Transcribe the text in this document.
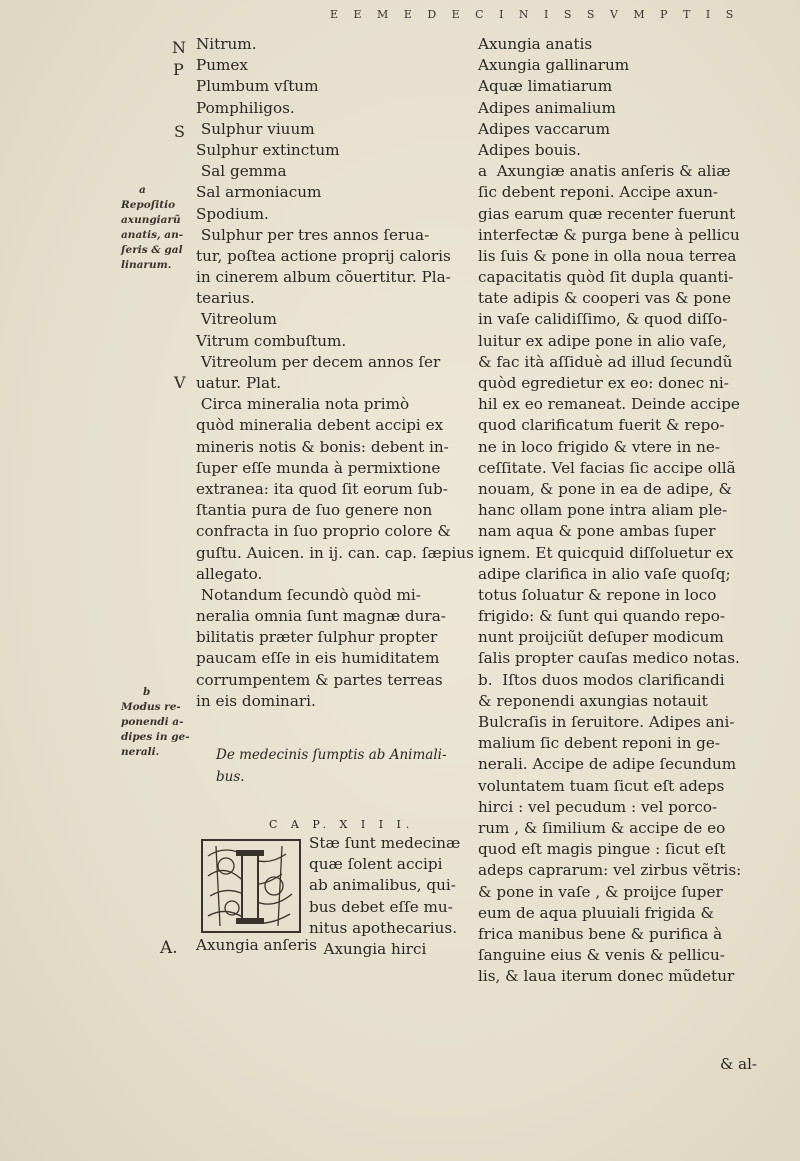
E E M E D E C I N I S S V M P T I S
N
P
S
V
a
Repoſitio axungiarũ anatis, an-ſeris & gal linarum.
b
Modus re-ponendi a-dipes in ge-nerali.
Nitrum.
Pumex
Plumbum vſtum
Pomphiligos.
Sulphur viuum
Sulphur extinctum
Sal gemma
Sal armoniacum
Spodium.
Sulphur per tres annos ſerua-
tur, poſtea actione proprij caloris
in cinerem album cõuertitur. Pla-
tearius.
Vitreolum
Vitrum combuſtum.
Vitreolum per decem annos ſer
uatur. Plat.
Circa mineralia nota primò
quòd mineralia debent accipi ex
mineris notis & bonis: debent in-
ſuper eſſe munda à permixtione
extranea: ita quod ſit eorum ſub-
ſtantia pura de ſuo genere non
confracta in ſuo proprio colore &
guſtu. Auicen. in ij. can. cap. ſæpius
allegato.
Notandum ſecundò quòd mi-
neralia omnia ſunt magnæ dura-
bilitatis præter ſulphur propter
paucam eſſe in eis humiditatem
corrumpentem & partes terreas
in eis dominari.
De medecinis ſumptis ab Animali-
bus.
C A P. X I I I.
Stæ ſunt medecinæ
quæ ſolent accipi
ab animalibus, qui-
bus debet eſſe mu-
nitus apothecarius.
Axungia hirci
A. Axungia anſeris
Axungia anatis
Axungia gallinarum
Aquæ limatiarum
Adipes animalium
Adipes vaccarum
Adipes bouis.
a  Axungiæ anatis anſeris & aliæ
ſic debent reponi. Accipe axun-
gias earum quæ recenter fuerunt
interfectæ & purga bene à pellicu
lis ſuis & pone in olla noua terrea
capacitatis quòd ſit dupla quanti-
tate adipis & cooperi vas & pone
in vaſe calidiſſimo, & quod diſſo-
luitur ex adipe pone in alio vaſe,
& fac ità aſſiduè ad illud ſecundũ
quòd egredietur ex eo: donec ni-
hil ex eo remaneat. Deinde accipe
quod clarificatum fuerit & repo-
ne in loco frigido & vtere in ne-
ceſſitate. Vel facias ſic accipe ollã
nouam, & pone in ea de adipe, &
hanc ollam pone intra aliam ple-
nam aqua & pone ambas ſuper
ignem. Et quicquid diſſoluetur ex
adipe clarifica in alio vaſe quoſq;
totus ſoluatur & repone in loco
frigido: & ſunt qui quando repo-
nunt proijciũt deſuper modicum
ſalis propter cauſas medico notas.
b.  Iſtos duos modos clarificandi
& reponendi axungias notauit
Bulcraſis in ſeruitore. Adipes ani-
malium ſic debent reponi in ge-
nerali. Accipe de adipe ſecundum
voluntatem tuam ſicut eſt adeps
hirci : vel pecudum : vel porco-
rum , & ſimilium & accipe de eo
quod eſt magis pingue : ſicut eſt
adeps caprarum: vel zirbus vẽtris:
& pone in vaſe , & proijce ſuper
eum de aqua pluuiali frigida &
frica manibus bene & purifica à
ſanguine eius & venis & pellicu-
lis, & laua iterum donec mũdetur
& al-
